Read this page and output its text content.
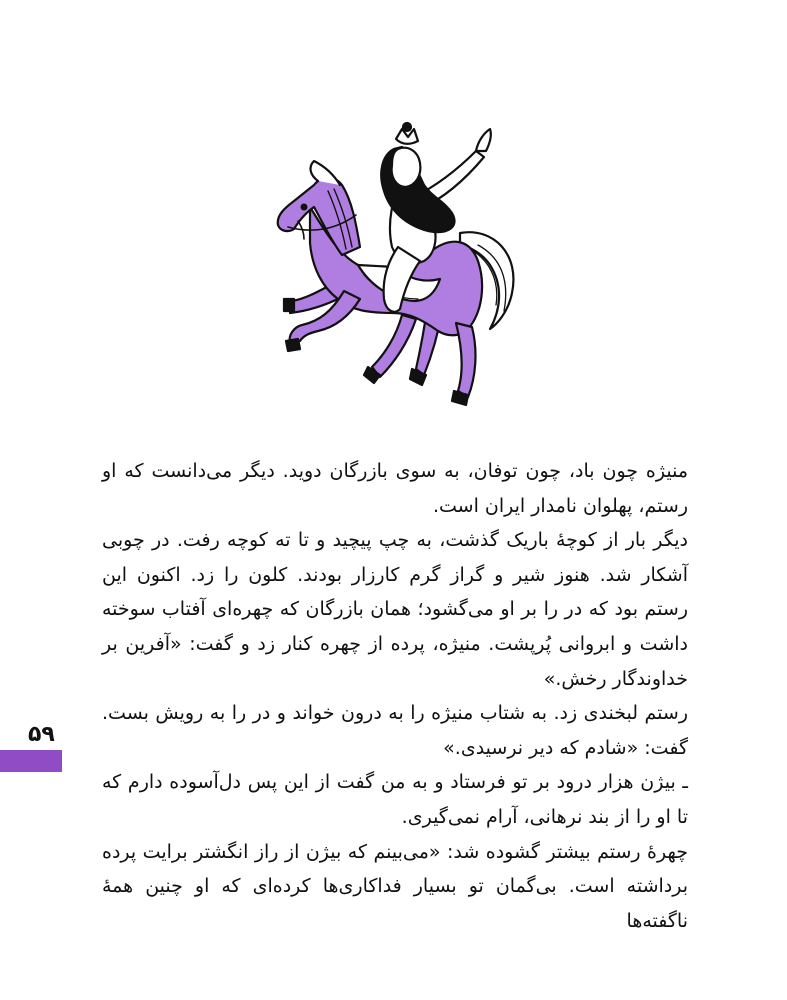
منیژه چون باد، چون توفان، به سوی بازرگان دوید. دیگر می‌دانست که او رستم، پهلوان نامدار ایران است.

دیگر بار از کوچهٔ باریک گذشت، به چپ پیچید و تا ته کوچه رفت. در چوبی آشکار شد. هنوز شیر و گراز گرم کارزار بودند. کلون را زد. اکنون این رستم بود که در را بر او می‌گشود؛ همان بازرگان که چهره‌ای آفتاب سوخته داشت و ابروانی پُرپشت. منیژه، پرده از چهره کنار زد و گفت: «آفرین بر خداوندگار رخش.»

رستم لبخندی زد. به شتاب منیژه را به درون خواند و در را به رویش بست. گفت: «شادم که دیر نرسیدی.»

ـ بیژن هزار درود بر تو فرستاد و به من گفت از این پس دل‌آسوده دارم که تا او را از بند نرهانی، آرام نمی‌گیری.

چهرهٔ رستم بیشتر گشوده شد: «می‌بینم که بیژن از راز انگشتر برایت پرده برداشته است. بی‌گمان تو بسیار فداکاری‌ها کرده‌ای که او چنین همهٔ ناگفته‌ها

۵۹
